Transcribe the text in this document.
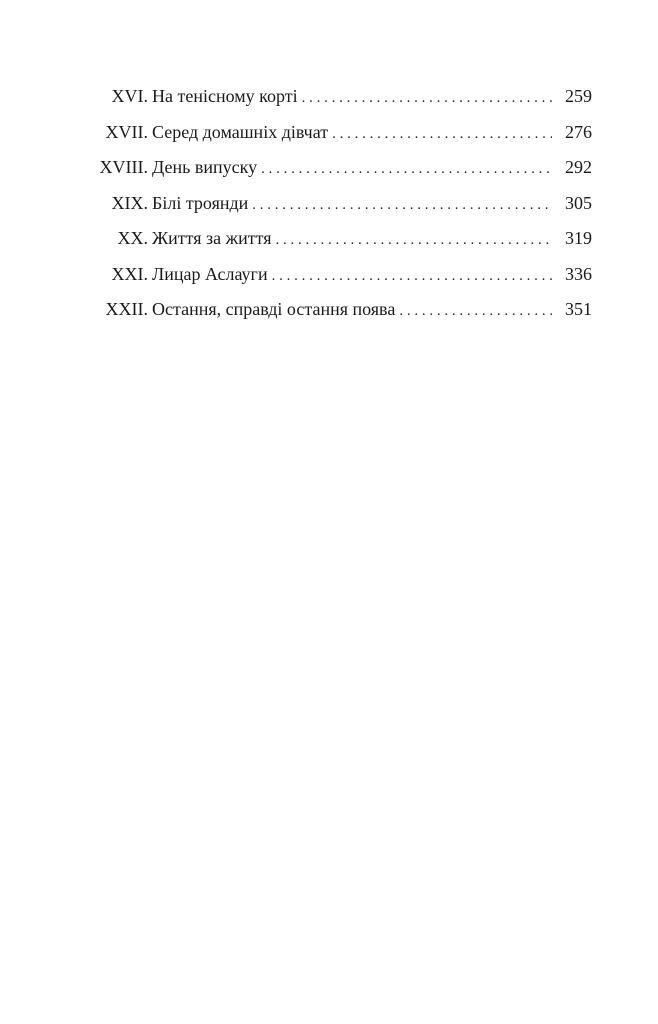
XVI. На тенісному корті . . .	259
XVII. Серед домашніх дівчат . . .	276
XVIII. День випуску . . .	292
XIX. Білі троянди . . .	305
XX. Життя за життя . . .	319
XXI. Лицар Аслауги . . .	336
XXII. Остання, справді остання поява . . .	351
